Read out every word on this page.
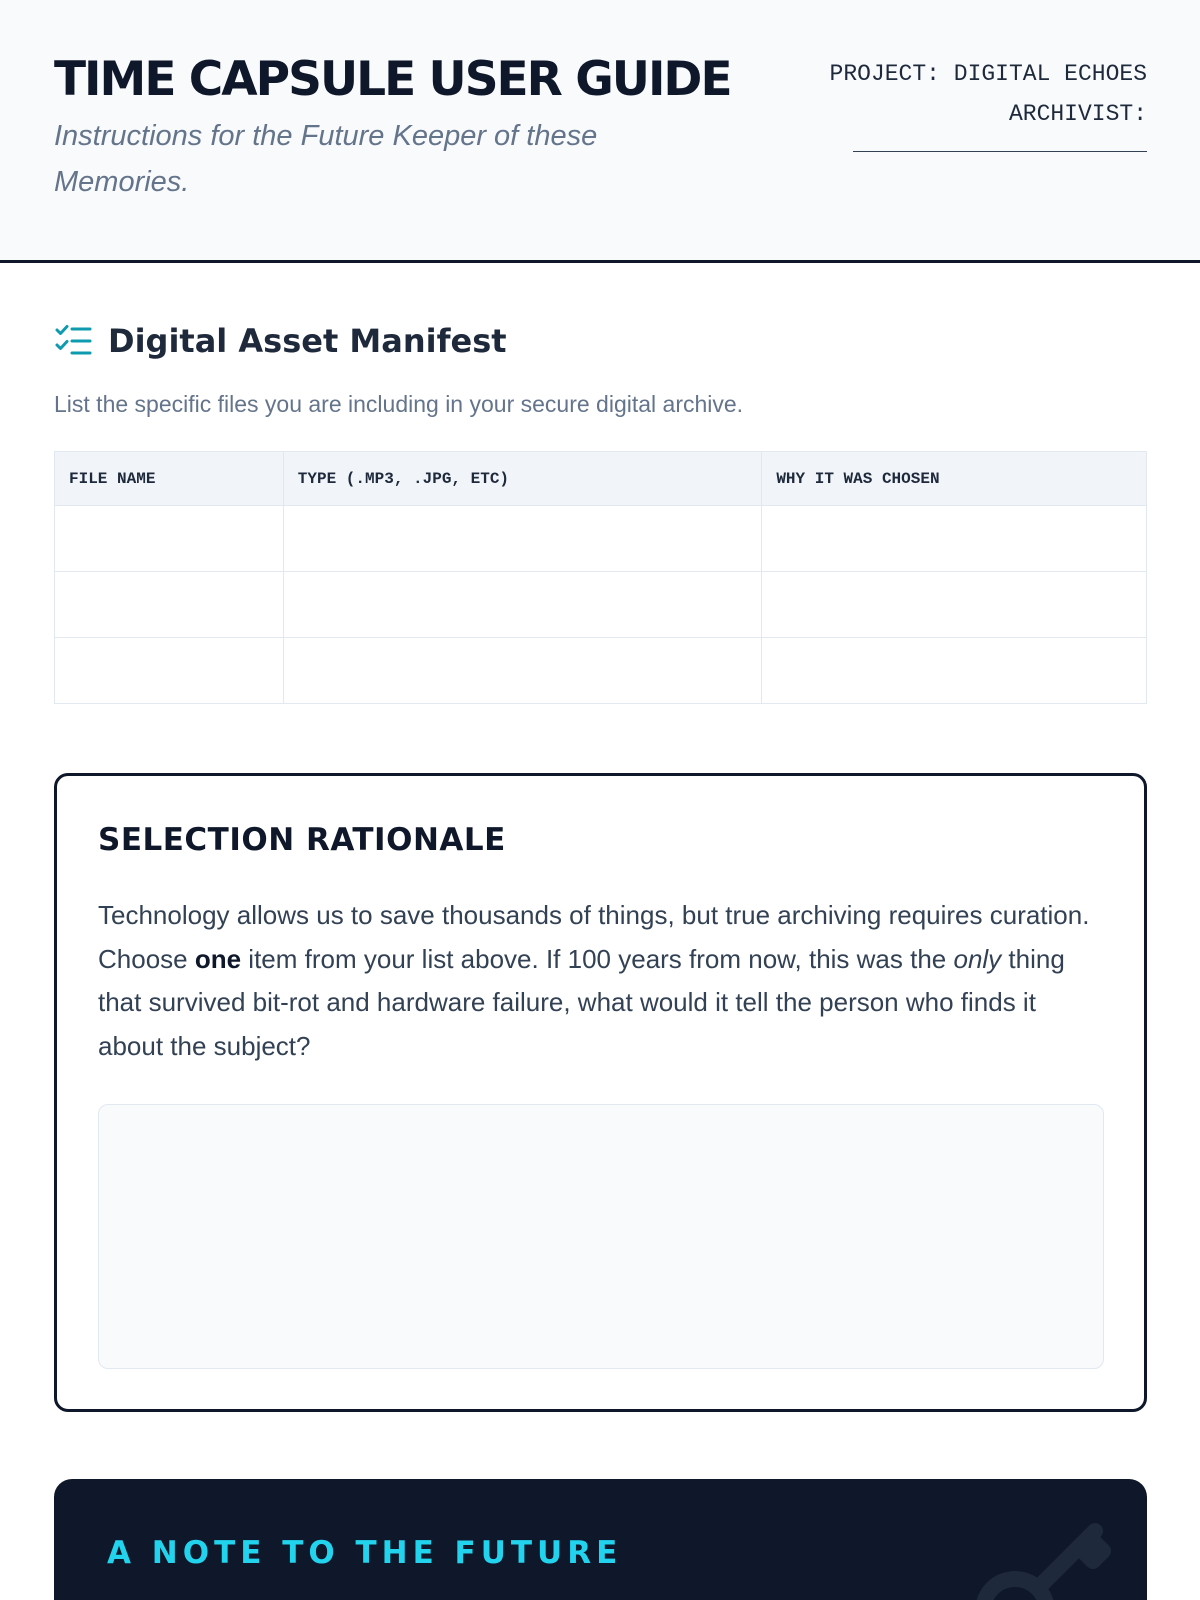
TIME CAPSULE USER GUIDE
Instructions for the Future Keeper of these Memories.
PROJECT: DIGITAL ECHOES
ARCHIVIST:
Digital Asset Manifest
List the specific files you are including in your secure digital archive.
FILE NAME	TYPE (.MP3, .JPG, ETC)	WHY IT WAS CHOSEN

SELECTION RATIONALE

Technology allows us to save thousands of things, but true archiving requires curation. Choose one item from your list above. If 100 years from now, this was the only thing that survived bit-rot and hardware failure, what would it tell the person who finds it about the subject?

A NOTE TO THE FUTURE
